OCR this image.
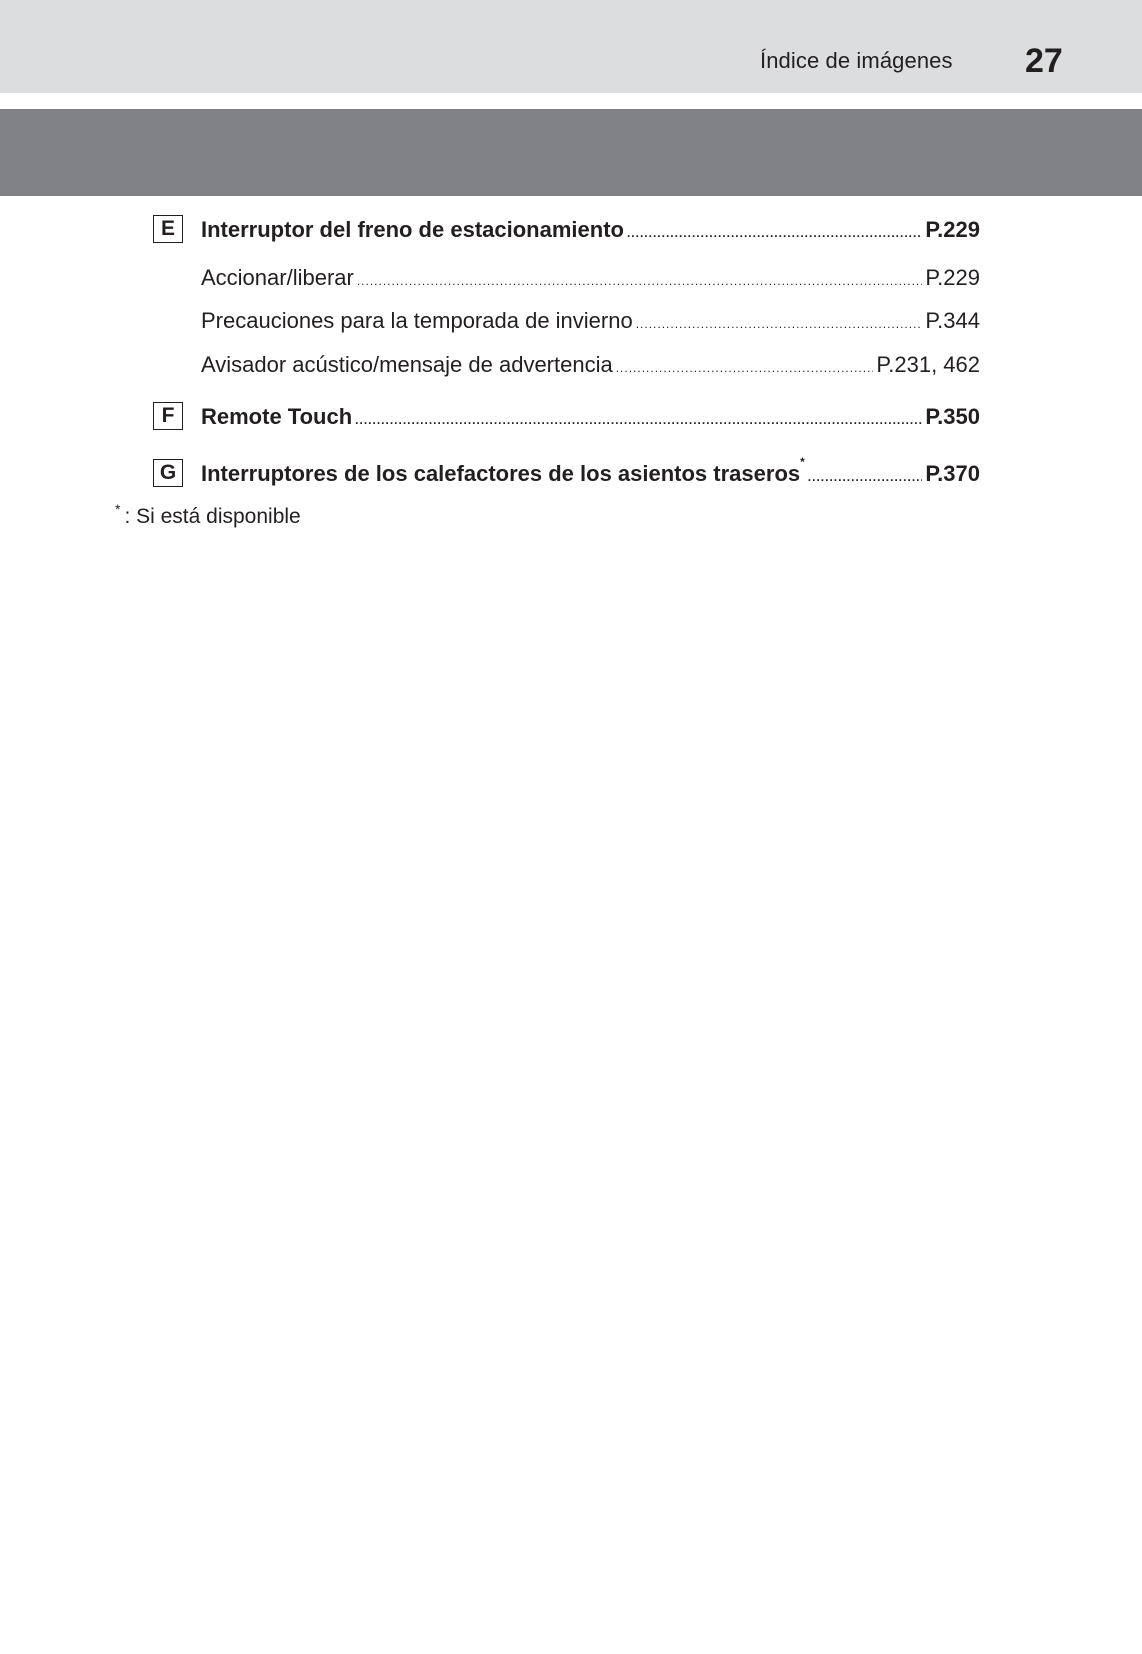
Índice de imágenes 27
E	Interruptor del freno de estacionamiento .....	P.229
Accionar/liberar .....	P.229
Precauciones para la temporada de invierno .....	P.344
Avisador acústico/mensaje de advertencia .....	P.231, 462
F	Remote Touch .....	P.350
G	Interruptores de los calefactores de los asientos traseros* .....	P.370
* : Si está disponible
